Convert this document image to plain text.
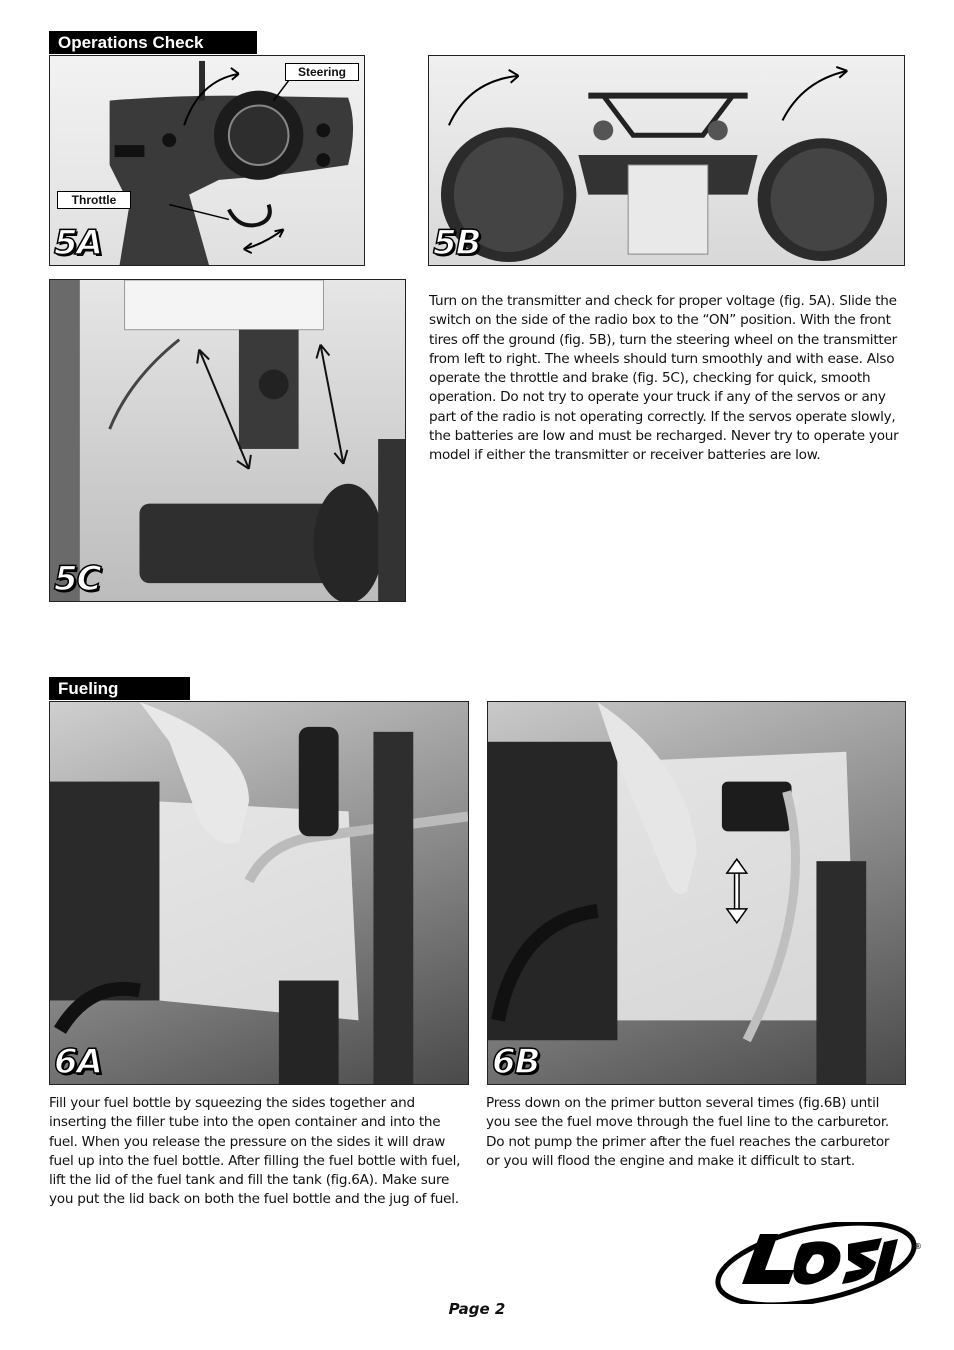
Operations Check
Steering
Throttle
5A	5B
5C

Turn on the transmitter and check for proper voltage (fig. 5A). Slide the switch on the side of the radio box to the “ON” position. With the front tires off the ground (fig. 5B), turn the steering wheel on the transmitter from left to right. The wheels should turn smoothly and with ease. Also operate the throttle and brake (fig. 5C), checking for quick, smooth operation. Do not try to operate your truck if any of the servos or any part of the radio is not operating correctly. If the servos operate slowly, the batteries are low and must be recharged. Never try to operate your model if either the transmitter or receiver batteries are low.

Fueling
6A	6B

Fill your fuel bottle by squeezing the sides together and inserting the filler tube into the open container and into the fuel. When you release the pressure on the sides it will draw fuel up into the fuel bottle. After filling the fuel bottle with fuel, lift the lid of the fuel tank and fill the tank (fig.6A). Make sure you put the lid back on both the fuel bottle and the jug of fuel.

Press down on the primer button several times (fig.6B) until you see the fuel move through the fuel line to the carburetor. Do not pump the primer after the fuel reaches the carburetor or you will flood the engine and make it difficult to start.

®
Page 2
